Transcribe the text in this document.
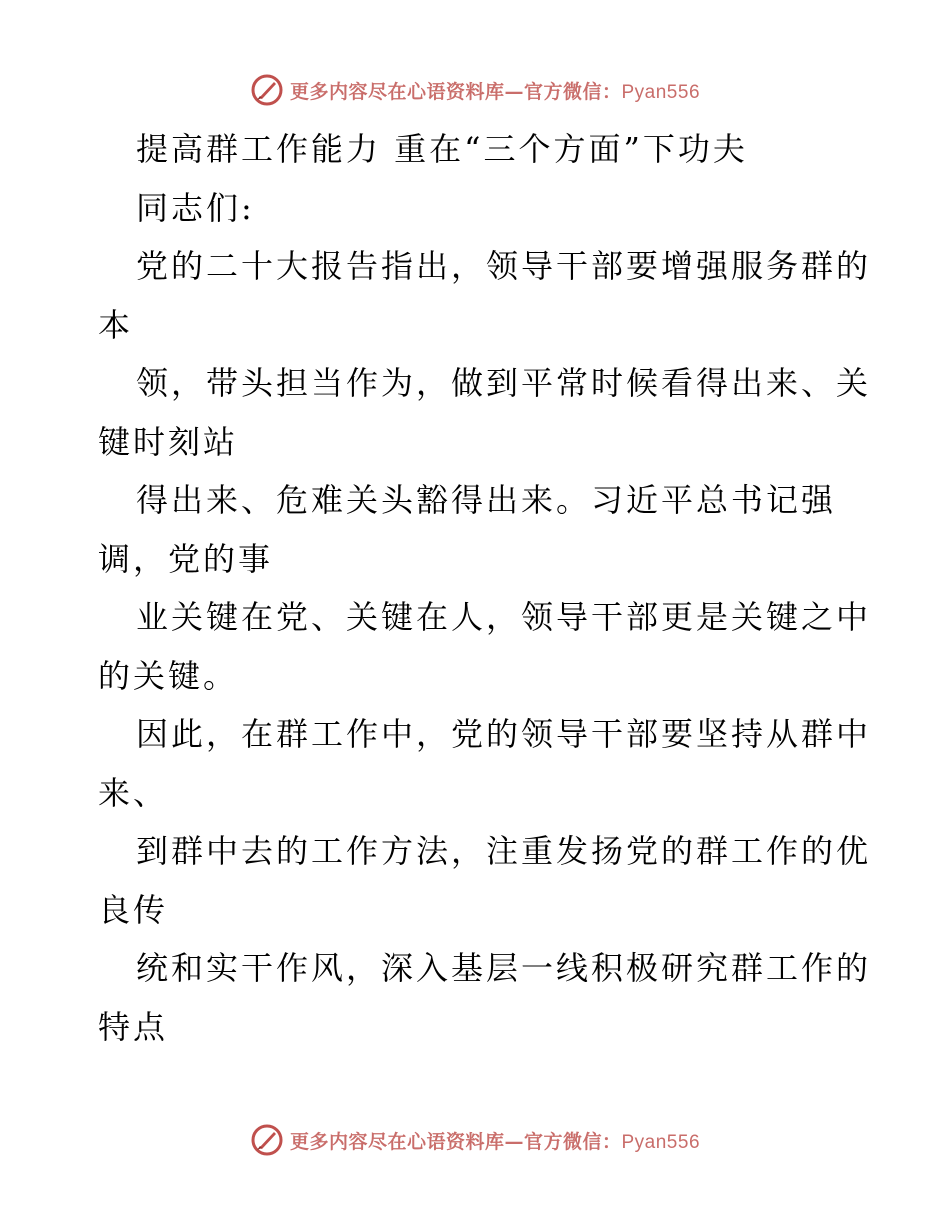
更多内容尽在心语资料库—官方微信：Pyan556
提高群工作能力 重在“三个方面”下功夫
同志们:
党的二十大报告指出，领导干部要增强服务群的
本
领，带头担当作为，做到平常时候看得出来、关
键时刻站
得出来、危难关头豁得出来。习近平总书记强
调，党的事
业关键在党、关键在人，领导干部更是关键之中
的关键。
因此，在群工作中，党的领导干部要坚持从群中
来、
到群中去的工作方法，注重发扬党的群工作的优
良传
统和实干作风，深入基层一线积极研究群工作的
特点
更多内容尽在心语资料库—官方微信：Pyan556
